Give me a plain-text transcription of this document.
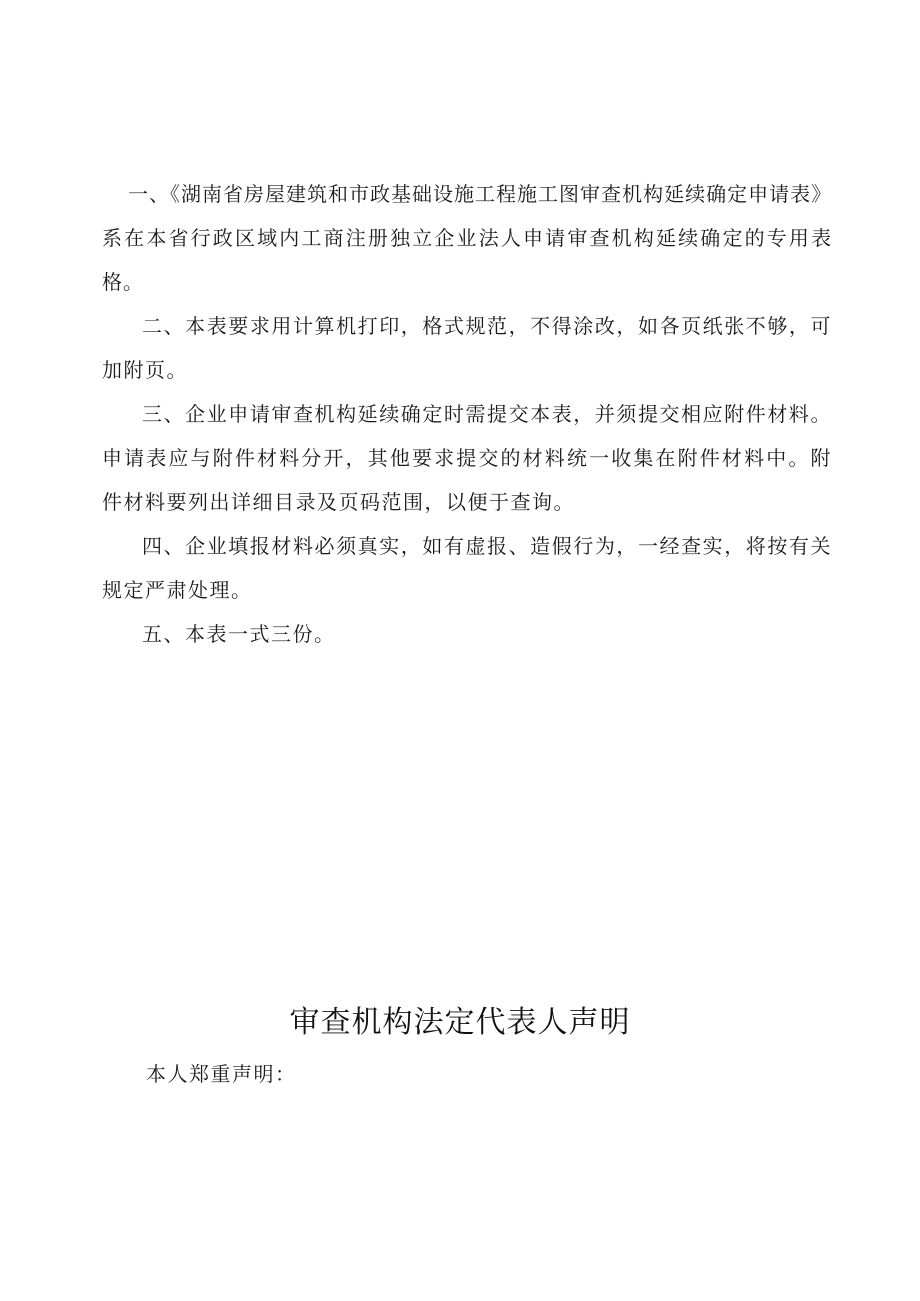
一、《湖南省房屋建筑和市政基础设施工程施工图审查机构延续确定申请表》系在本省行政区域内工商注册独立企业法人申请审查机构延续确定的专用表格。

二、本表要求用计算机打印，格式规范，不得涂改，如各页纸张不够，可加附页。

三、企业申请审查机构延续确定时需提交本表，并须提交相应附件材料。申请表应与附件材料分开，其他要求提交的材料统一收集在附件材料中。附件材料要列出详细目录及页码范围，以便于查询。

四、企业填报材料必须真实，如有虚报、造假行为，一经查实，将按有关规定严肃处理。

五、本表一式三份。

审查机构法定代表人声明

本人郑重声明：
